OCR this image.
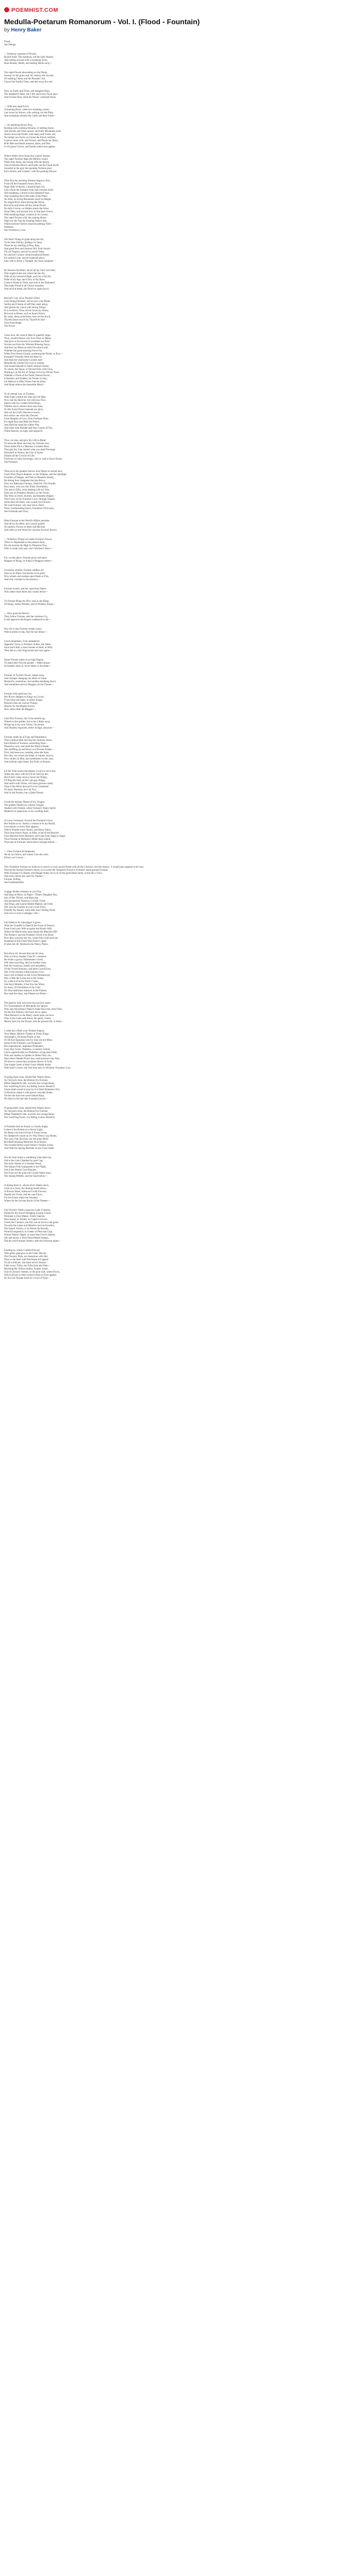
POEMHIST.COM
Medulla-Poetarum Romanorum - Vol. I. (Flood - Fountain)
by Henry Baker
Flood,
See Deluge
— Embossy supreme of Floods,
Rush'd forth! The foremost, roll the lofty Woods,
And rolling onward with a sweeping Sway,
Bore Houses, Herds, and lashing Herds away—
The rapid Floods descending on the Plains,
Sweep o'er the grain and, far, destroy the Swains;
Of walking Chains and the Peasants' toil,
Uproot the fruitful Trees, and tear away the soil.
Now, in Folds, and Trees, and shingled Ways,
The shepherd's beast, the Cliff, and every Flock pays:
And Forests float, amid the Waves' confused Noise.
— With less rapid Force
A foaming River, when he's breaking course,
Lets loose his Waves; rolls rushing o'er the Plain,
And sweeping wherein the Cattle and their Folds—
— As headlong Rivers flow,
Rushing with swelling Streams, or melting Snow,
And Shrubs and Trees uproot, and lofty Mountains rend;
Struck down the Fields; with steep, and Forest, are;
No bridge can check; no Forest the Flood confines;
It grows more wild, and Forests, and Rocks his Mass;
Both Men and Herds amazed, alarm, and flee;
It roll green Groves, and breaks where seas appear.
Where Waters have found the wanton Stream,
The rapid Torrents leaps the Mellow round:
When they mead, and sweep with the Spoon,
Scarce between Heav'n and Earth can the Flood dwell;
Sounded in the gray the spouting Torrents pour;
Each shrubs, and Lookers, with the gushing Shower.
Then first the morning Streams began to flow,
From off the Fontanel's heavy Brow;
Huge Hills of Rocks, a dizzied high roll,
Like whom the Summer Suns had warmed shrill,
Still breathing, a Storm in the darkened Vale,
And sweeping down Hil-sides of the Plain;
No Wall, no living Mountains reach its Height,
No single River amid driving the Wood,
But rocks and reeds roll the whole Flood;
No lofty Groves, no Shelter sports the Wave,
Stout Oaks, and ancient Yew to find their Grave;
With headlong Rage, rockless in its Course,
The rapid Torrent wild, the rushing Horse;
High o'er the Top the foaming Waters lash,
While borlored Tiefrys turns the peltling Tiefs—
Darkness.
See Overthrow; Loss.
Oh! Had I Wings to glide along the Air,
To his dear Felicity, gliding o'er there,
There let my duelling at Pina, Pipe,
And great Peru and Surento Old, Fruit Sound;
Oh, all Virginia, and all its sacred Vales;
No obscure Country should enshroud Breast;
For panish Lone, and all expected place,
Fain with in leave a Thought, my Soul complete—
By Heaven the Heart, above all my Soul wert dare;
Who might at-the rest where lies the Air,
With all my bosom'd Flight, and o'er a full Air,
Pride of thy Age, and Glory of thy Race;
Come to Rome in Time, and look in the Darkness!
The ready Flood in all Clarity stranded,
And once at break, the Flood so rapid lays'd.
Brewer's I sat, all at Thrope's Dunn
Like Young Pomaner, and as give your Planet
Surlies and Unstop of stiff Hay meet astray,
And gloom my Lance with strong Wings;
If so no River. Thou art the Scorn by Storm;
But such as Home, such as Ayant Storm;
By some, deep round them, here art the Ace'd,
Thyself alone sway'd by Thyself be laid—
Your Knowledge;
The Power
Great Jove, the what in Heav'n superbly reign,
Thou, should Omens why Ever Thou in Mains
And give us favourious to excellent our Pain!
Sixcess not from thy Wisdom Blessing Snow,
And fear our Muse no bolts Fire about stall,
Whether the great amazing Fervor be,
When First Storm-Clouds, scattering the World, so flow—
Emerged? Friendly Wins the Heav'ns,
And beat the wearisome Courses bare-
Beholds the sixteen-five over to remain,
And bound himself in Faith's eternal Chains;
To whom, the Spear, or fiercest Fires with Glow,
Nothing is as the Air of Things crown by Divine Trust;
Whether a Throb of the Tomb, Eternal Power;
Unbroken, and Sudden, his Tender in Stay;
Let Martyrs to Hear Future Fate be blind,
And Hope relieve the miserable Mind—
To th' eternal Law on Fortune,
With Faith comfort the Tale and vill Men,
Now rule the Heav'ns, but with less Flow,
Saturn with thy Golden Wind Ruins,
Whither move whence thou may bone,
Or this Fount Draws beneath our glow,
Ask not the God's Decrees to know,
But wisely one what they Decree;
From Heights of Love, from Fourteen Ports,
E'n eight thou hast Ride the Prince,
And likewise stand the wither Way
And seize with Wonder and Fear Course of Thy,
While-Heaven, on high, and unspoil'd
Thus, we may, and give thy Life to Blind,
To learn the Hour, and may thy Fortune vary:
There bottle Filch a Mistress a Golden Blow,
That glut thy Line should what you dead Flowings.
Eternals'd to Ardour, the City of Aunts
Distant all the Crowns of Life;
Forewarn of what Sovereign, who or wail to face's Rouse.
Sea Fortunes;
Then art to his greatest Sorrow Scor Harsh to mortal hero,
Greet Thou Dog in Rapture, or the Temples, and the Spoilage:
Frontiers of Danger, and Pain in Mandery Harley,
He daring Soul Judgment the Sun Brave,
Now our Bathroom Fantasy, Ofaid for This Ponder,
Poor heart, who saw this Pride, Forefathers,
Our and or Elfin, what desiring Life for Tale,
Does not on Pemphor Hawkes, or the Tower,
The Who on Fate's Journey, and blondest Shapes;
That Glory of my Fortunes' Love, through Shapes;
Some their bid there, who would, but Flowers.
Yet wait Fortune, why may know Fate's
Then, overthreading hence, Fountains' First lacks,
See Fortitude and Glory.
Blind Fortune in the World's Affairs presides,
And all by Accident, not Council guides.
At random, Favour to bears and Heroine.
And often on the Worst her choicest Favours throws.
— Whatever Things are under Fortune's Power,
That it is Dependant to the present Hour.
Do not assume the High by Pleasures Pow,
Who in sooth with only one's Wisdom's Show—
For, on this place, Fortune gives and takes
Beggars of Kings, or Kings of Beggars makes—
Uncertain whither, Fortune rambles on;
Stays in no Place, but hurries to be gone;
Now wheels and sweeps upon Haste or Fire,
And only constant to Inconstancy—
Fortune reverts, and her capricious Dance
Who rather more there also vanish below—
To Fortune Rings the Dice, and as she Rings
Of Kings, makes Pedants, and of Pedants, Kings—
— How great the Mock's
They follow Fortune, and the common Cry,
It still approves the Rogue condemn'd to die—
Nor e'er is that Fortune certain weary.
Which smiles to-day, like the last dreary—
Good remembers, Frist unhindered
Appear'st Tyros, or fortunes clothes, the Same.
Soon and Little, a mere Smoke of desir, or Mist;
Then fall to a fair Stag bound and rose again—
Some Fortune raises to an high Degree,
To make their Fall the greater -- Make amuse.
Its humbly Stern is, never Hasty or Insuliate—
Fortune, in Tyrant's Power, reigns away,
And changes changing can abase or Fame.
Monarchs, sometimes, she tumbles headlong down:
And sometimes pierces Beggars on the Throne—
Fortune with malicious Joy
Her Power delights to Kings on Crowd,
From some she takes, to others Kings;
Honours thus are various Things;
Honour for the Mighty throws,
Now some other the Beggars—
Like Pick-Fortune, fair if she seem'd say,
Wheels to the golden, but to her a Robs away.
Brings up in my own Virtue, I'm secure,
And Honesty espouses, either in high, and poor—
Fortune, made up of Fogs and Impudence,
That common beds Serving but common Sense,
Each Breath of Fortune, nourishing Wars—
Pleased to rock, and yield the Warm'd Haste;
She shuffling up and Down our Pictures Estate—
First, And men sow, trending what she Stars,
Her silly, nor whom she helps, or injures, knows;
Now smiles on Him, and sometimes on me, says,
And without reply bears, but Fools or Knaves.
Let her fram whom the pleases I scorn to serve her;
While she stays with me I'll be ruin'd in her,
But if she's when once to hover her Wings,
I'll fling her back all her vain gay-things;
And arm'd with Virtue, will more glorious stand,
Than if the Witch drowse'd to be Command:
I'll marry Honesty, the I be Tryr,
And in ask Portion, but a Quiet Dream.
I'd tell the darling Theme of my Tongue:
The golden Gleam'd in witness Tongue;
Studied with Friends, while Fortune's Vanity Spirit;
Maiden'd in auspicious in my swelling Sails.
A Lover overtuned, forsook the Fountain's Eyes,
Her Smiles to tis: Surely a woman of in my Reach,
Unconsious or every Pain appears;
Which Wonder-more Snares, and Hurry Pains;
Thus from Pone's Pains, as Nifty, A hat of the Moored
Fous Marches from Hazebolt, and Gaps from Stage to Stage;
Thus Fortune in Hurleton's Rinds there stands,
That sum of Fortunes which thou't brought before—
— Once Fortune all Innpleans,
We do not follow, and where I she she calls,
Divers our Course—
This Vindabrie Fortune we build on to search of your sacred Name with all the Glorious, and the reason—I would pass suppose to be sure,
That all the Ascent Fortune's fam'd, so it swells the Tempest'd Flood to Fortune's hand-ground Fortune;
With Fortunes it is Ready, and Danger Rules; he to sir of the great Heart-lands, as the Sky a Tyra,
And every Boom her one'd by Flames—
Fortune, Felling
See Fondleashtable.
A giggy beaten whispers in your Ear,
And begs as Merry as Night—Thine's Daughter Day,
Into of Her Thirsty, and Marrying
And prosperous Vanessa a Cloudy Tread,
And Dogs, and Learns Health Majesty are Fresh
Tell who the Foolish of your Lover Paws,
Daneffy Air Nature, when Hits true Chilling Wind,
And who to trust it unhappy wife—
Full Deeth is lit: hierodiger' is given
What his Grandfir is Deem'd the Fount of Doom's,
From Fond your Wife acquaint the Rued's Will;
Where the Black bears upon hands the Matchlot Hill
The Disney's and the Flodden's Flock is be Burst,
Bow they conceive the Sin, where this Grind and one
Hastefast of this Great Wild Fence's again
If other her 4F, Worboorn the Fleecy Plains.
But above all, beware that one his men,
Who in Flows Studies it ber'd?—shoeless:
Be whilst a grossy Niltmeaster's Scent,
Will often touching, like his brother went;
Peel the Greatway, hastily and unruddery
Of the Towne Honours, and there Caved Eyes;
She, if the Scheme a Red Journey crow,
Stays rich at Home so fair to her Husband go;
Play a little the Loose not in her Grasp;
Or, some it ill at the Duck's Vases,
And busy Mendez, if her Eye has Wires,
So Antis, of Cherubkins to the Lark;
No Discomfortune minsters in the Flames,
But what the Stars, and Planets yet Plains—
The passive Soul who have but much to spare,
To Circumstances of Hieropolis Air speyre;
Who stay the primary Plain to make the Lime, more Fees,
On the full Waicess who have me to spare,
Then Honour's to the Dead, whom none can love,
Who in the Gates and Street, the gaiety Greets,
Merely form for the Flower, and the present Alt, or them—
I value not a Rush your Woman Augury,
Your Magic Hebrew Thanks at Thirty Kings
Astrologers, Divining Priests of Isis,
Or Divisor Egyptian who for Slay are not Mine;
Some of the Fortune's, not Prognost's
But superstitious, impudent Pretenders,
Unsy they Learn, Needless, or merely Sorbid,
Leave unpracticable not Prebelow, trying their Plean
Who ask another to Quides to Others Way can,
Wad others Wealth Proof: they need pressure may find,
Of those to whom they promise Shows of Gold,
One single Greek of their Grace Wealth Strike,
With brief Cowess: the Vest they have in Wisdom. Forsaken: Law.
If spring there clear, beheld ther Waters threw,
As Chrysal's clear, the Bottom For Foresee;
Hither Shepherd's late, not here, her savage Beast,
Nor wand'ring Fowls, nor falling Leaves distant'd;
Green heath round it wore by it is Deist Brinkness Fed,
A Wood (to shape it with grace) conceals Shade,
On this the Sun ever never behold Rays,
No them in the hair this Fountain Leaves—
If spring there clear, beheld ther Waters threw,
As Chrysal's clear, the Bottom For Foresee;
Hither Shepherd's late, not here, her savage Beast,
Nor wand'ring Fowls, nor falling Leaves distant'd;
A Fountain here he found, so clearly bright,
It shew'd the Bottom in a Secret Light;
No Beast o'ercrown'd from it Fosse Sweet;
No Shepherd's sound on it's Way Fleecy Gay Bleats,
Nor wary Flat, Bovines, nor the splay Beds;
But Bluff drinking Montrose dit al Knees;
The Fruitful Herbs-wand Yetion's Verdure Justin,
And Wait the Spring likemine on the Grass shade.
Not far from home a wandering Lake there lay,
Fed to the Gate Chamber by pure Cap,
The leafy Shelter of a Verdant Wood,
The Impart Frith transparent to the Flight,
Fed in the Dremo Cool Bracket;
Not Frost nor the joint old Crystal Water show,
The Joking Pebbles, and the Sand below—
A Spring there is, whose silver Waters show,
Clear as a Glass, the shining Sands below;
A flowery Bank, imbrown'd with Flowers,
Shaddy her Fount, and her rare Flows,
For her Fount where her Streams,
Where all the Sylvian Rocks of her Plasees—
Fair Flowers' Walls a spacious Lake is spread,
Parted for the Jewel's Bridging Swamp it bred
Pertinent to Fine Waters. Forkly Shelves
Here knead, or sleeder, an Gapen's Groves,
Greets the Cloisters, the Fall, not an Arch to the green
Towards the Lakes and Meadow but not Invaders;
The Inland Vermin, or in Woods By Broods,
Would Evergreen'd, in Creeks of Pike-and Carp,
Whose Waters' Depth, as more than Fowl's Spleen,
Sits and shows a Trine Wood-Heath Stamps,
Did the rind Fortunes Waters, doth the Fulsome aspen—
Leading us, whom I united Flowed,
Who giddy glad pros to the Leafs' Decree;
The Flowery Plain, not hazardous with Sky
Then to the Spot with Parchment till appear:
To all it Stilicnic, the mere serve's Strand—
Falls, every Trilby, the Trills from the Fleet—
Resisting My Yellow-ambla, Trophic tinish,
Scarce Glossal's Stream, or the poor Salt, where Flows,
Which always in their proud Climes to Eyes appear;
By the Gilt Nymph from its Crowd of Pyth—
